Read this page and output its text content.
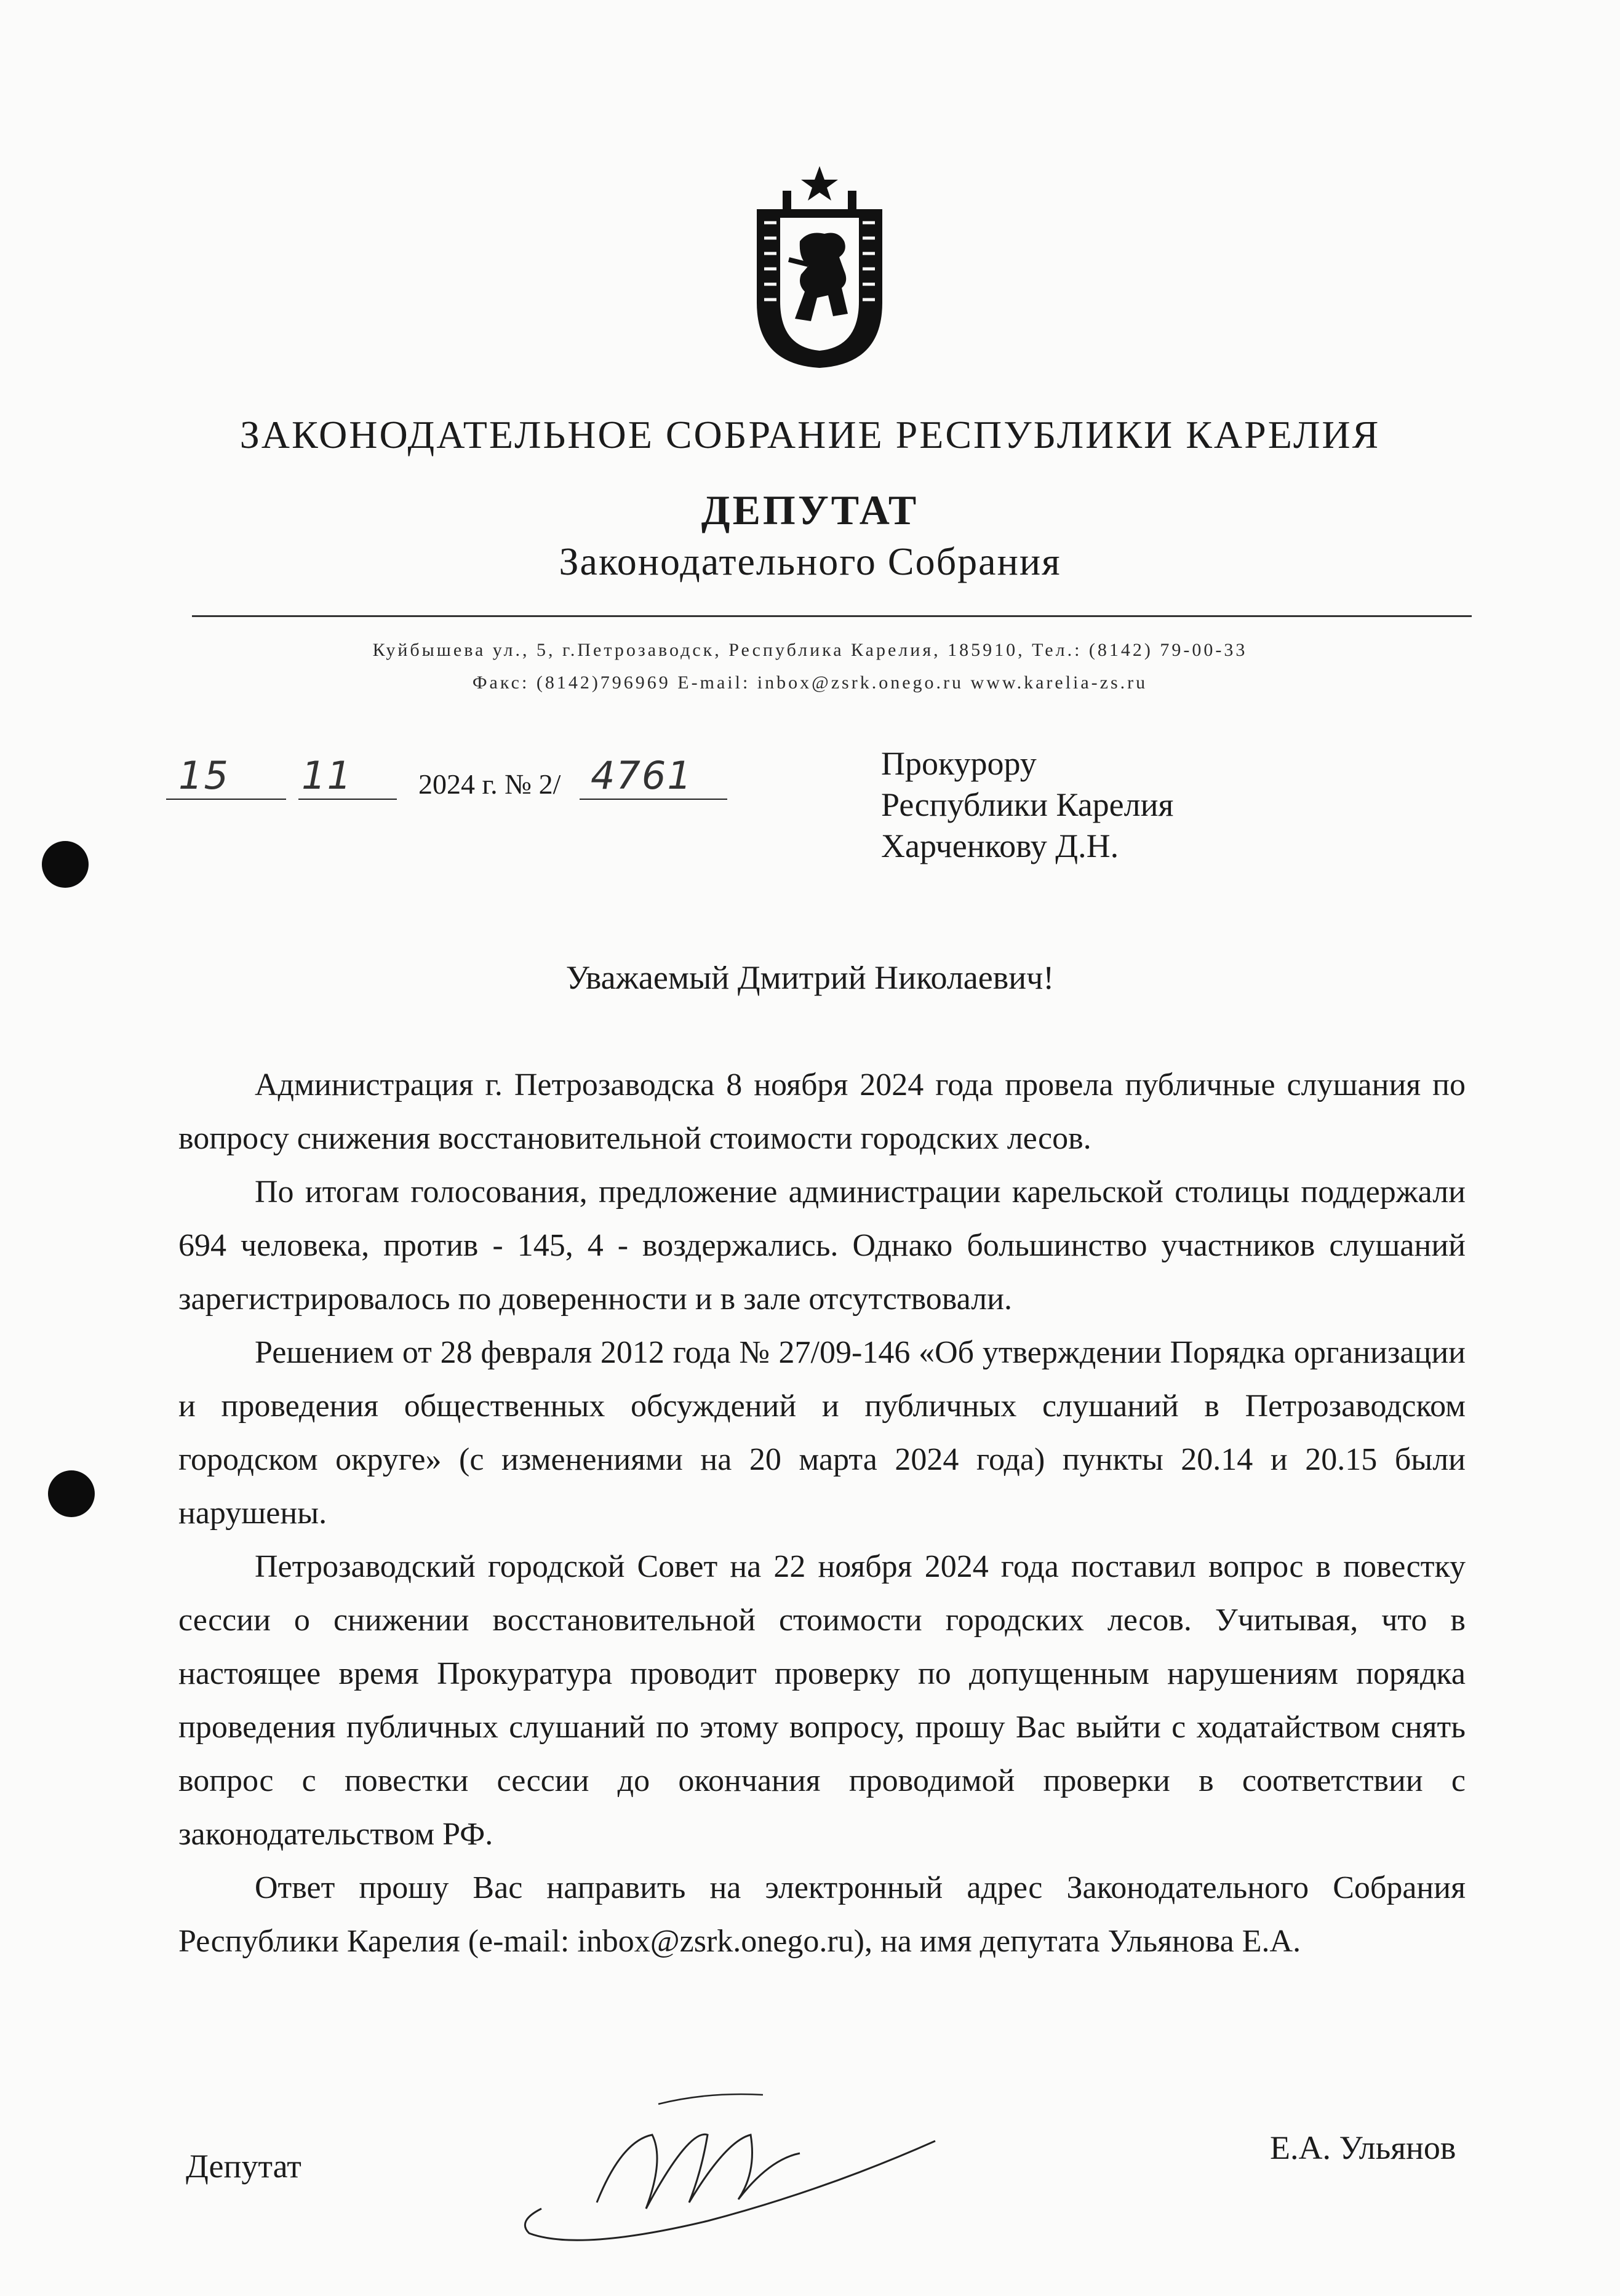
ЗАКОНОДАТЕЛЬНОЕ СОБРАНИЕ РЕСПУБЛИКИ КАРЕЛИЯ
ДЕПУТАТ
Законодательного Собрания
Куйбышева ул., 5, г.Петрозаводск, Республика Карелия, 185910, Тел.: (8142) 79-00-33
Факс: (8142)796969 E-mail: inbox@zsrk.onego.ru www.karelia-zs.ru
15 11 2024 г. № 2/ 4761	Прокурору
Республики Карелия
Харченкову Д.Н.
Уважаемый Дмитрий Николаевич!

Администрация г. Петрозаводска 8 ноября 2024 года провела публичные слушания по вопросу снижения восстановительной стоимости городских лесов.

По итогам голосования, предложение администрации карельской столицы поддержали 694 человека, против - 145, 4 - воздержались. Однако большинство участников слушаний зарегистрировалось по доверенности и в зале отсутствовали.

Решением от 28 февраля 2012 года № 27/09-146 «Об утверждении Порядка организации и проведения общественных обсуждений и публичных слушаний в Петрозаводском городском округе» (с изменениями на 20 марта 2024 года) пункты 20.14 и 20.15 были нарушены.

Петрозаводский городской Совет на 22 ноября 2024 года поставил вопрос в повестку сессии о снижении восстановительной стоимости городских лесов. Учитывая, что в настоящее время Прокуратура проводит проверку по допущенным нарушениям порядка проведения публичных слушаний по этому вопросу, прошу Вас выйти с ходатайством снять вопрос с повестки сессии до окончания проводимой проверки в соответствии с законодательством РФ.

Ответ прошу Вас направить на электронный адрес Законодательного Собрания Республики Карелия (e-mail: inbox@zsrk.onego.ru), на имя депутата Ульянова Е.А.

Депутат	Е.А. Ульянов
